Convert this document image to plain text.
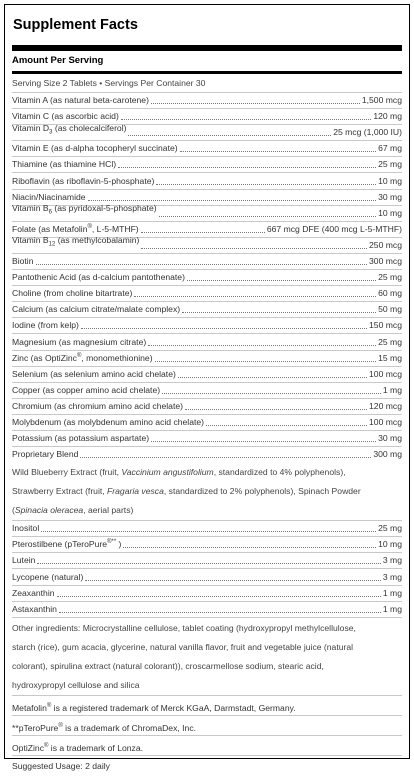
Supplement Facts
Amount Per Serving
Serving Size 2 Tablets • Servings Per Container 30
Vitamin A (as natural beta-carotene)	1,500 mcg
Vitamin C (as ascorbic acid)	120 mg
Vitamin $D_3$ (as cholecalciferol)	25 mcg (1,000 IU)
Vitamin E (as d-alpha tocopheryl succinate)	67 mg
Thiamine (as thiamine HCl)	25 mg
Riboflavin (as riboflavin-5-phosphate)	10 mg
Niacin/Niacinamide	30 mg
Vitamin $B_6$ (as pyridoxal-5-phosphate)	10 mg
Folate (as Metafolin®, L-5-MTHF)	667 mcg DFE (400 mcg L-5-MTHF)
Vitamin $B_{12}$ (as methylcobalamin)	250 mcg
Biotin	300 mcg
Pantothenic Acid (as d-calcium pantothenate)	25 mg
Choline (from choline bitartrate)	60 mg
Calcium (as calcium citrate/malate complex)	50 mg
Iodine (from kelp)	150 mcg
Magnesium (as magnesium citrate)	25 mg
Zinc (as OptiZinc®, monomethionine)	15 mg
Selenium (as selenium amino acid chelate)	100 mcg
Copper (as copper amino acid chelate)	1 mg
Chromium (as chromium amino acid chelate)	120 mcg
Molybdenum (as molybdenum amino acid chelate)	100 mcg
Potassium (as potassium aspartate)	30 mg
Proprietary Blend	300 mg
Wild Blueberry Extract (fruit, Vaccinium angustifolium, standardized to 4% polyphenols),
Strawberry Extract (fruit, Fragaria vesca, standardized to 2% polyphenols), Spinach Powder
(Spinacia oleracea, aerial parts)
Inositol	25 mg
Pterostilbene (pTeroPure®** )	10 mg
Lutein	3 mg
Lycopene (natural)	3 mg
Zeaxanthin	1 mg
Astaxanthin	1 mg
Other ingredients: Microcrystalline cellulose, tablet coating (hydroxypropyl methylcellulose,
starch (rice), gum acacia, glycerine, natural vanilla flavor, fruit and vegetable juice (natural
colorant), spirulina extract (natural colorant)), croscarmellose sodium, stearic acid,
hydroxypropyl cellulose and silica
Metafolin® is a registered trademark of Merck KGaA, Darmstadt, Germany.
**pTeroPure® is a trademark of ChromaDex, Inc.
OptiZinc® is a trademark of Lonza.
Suggested Usage: 2 daily
